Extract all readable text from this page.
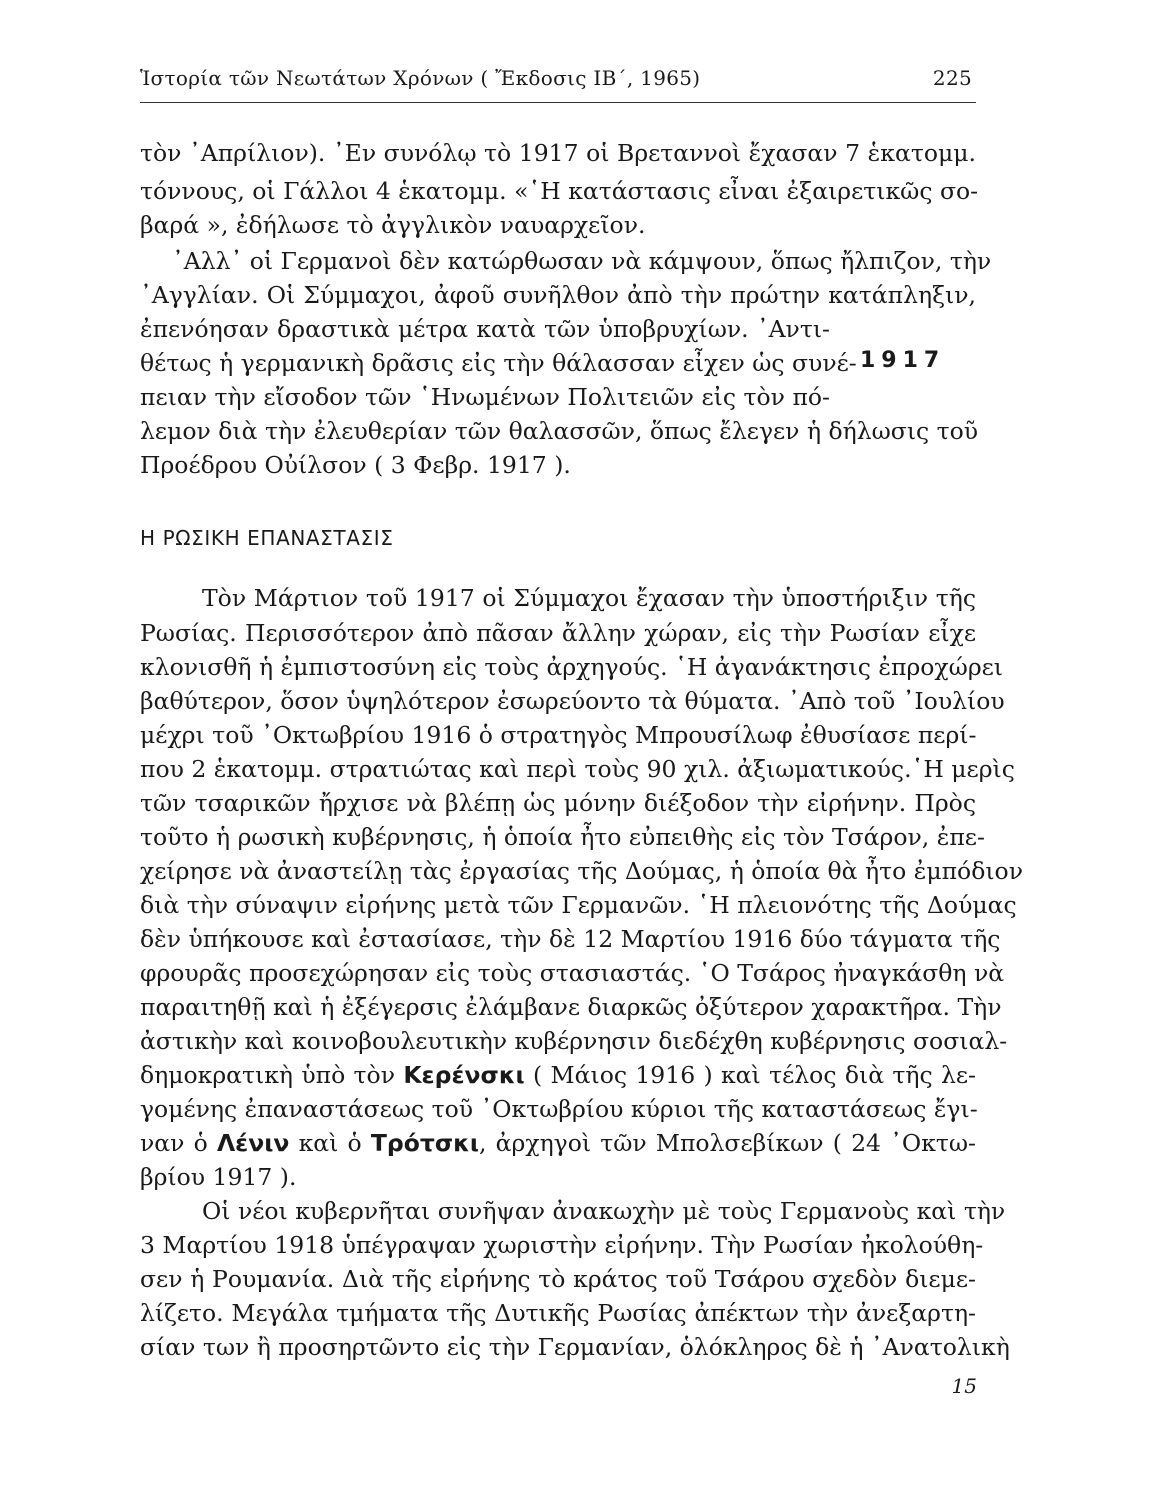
Ἱστορία τῶν Νεωτάτων Χρόνων ( Ἔκδοσις ΙΒ΄, 1965)	225
τὸν ᾿Απρίλιον). ᾿Εν συνόλῳ τὸ 1917 οἱ Βρεταννοὶ ἔχασαν 7 ἑκατομμ.
τόννους, οἱ Γάλλοι 4 ἑκατομμ. «῾Η κατάστασις εἶναι ἐξαιρετικῶς σο-
βαρά », ἐδήλωσε τὸ ἀγγλικὸν ναυαρχεῖον.
᾿Αλλ᾿ οἱ Γερμανοὶ δὲν κατώρθωσαν νὰ κάμψουν, ὅπως ἤλπιζον, τὴν
᾿Αγγλίαν. Οἱ Σύμμαχοι, ἀφοῦ συνῆλθον ἀπὸ τὴν πρώτην κατάπληξιν,
ἐπενόησαν δραστικὰ μέτρα κατὰ τῶν ὑποβρυχίων. ᾿Αντι-
θέτως ἡ γερμανικὴ δρᾶσις εἰς τὴν θάλασσαν εἶχεν ὡς συνέ-
πειαν τὴν εἴσοδον τῶν ῾Ηνωμένων Πολιτειῶν εἰς τὸν πό-
λεμον διὰ τὴν ἐλευθερίαν τῶν θαλασσῶν, ὅπως ἔλεγεν ἡ δήλωσις τοῦ
Προέδρου Οὐίλσον ( 3 Φεβρ. 1917 ).
1917
Η ΡΩΣΙΚΗ ΕΠΑΝΑΣΤΑΣΙΣ
Τὸν Μάρτιον τοῦ 1917 οἱ Σύμμαχοι ἔχασαν τὴν ὑποστήριξιν τῆς
Ρωσίας. Περισσότερον ἀπὸ πᾶσαν ἄλλην χώραν, εἰς τὴν Ρωσίαν εἶχε
κλονισθῆ ἡ ἐμπιστοσύνη εἰς τοὺς ἀρχηγούς. ῾Η ἀγανάκτησις ἐπροχώρει
βαθύτερον, ὅσον ὑψηλότερον ἐσωρεύοντο τὰ θύματα. ᾿Απὸ τοῦ ᾿Ιουλίου
μέχρι τοῦ ᾿Οκτωβρίου 1916 ὁ στρατηγὸς Μπρουσίλωφ ἐθυσίασε περί-
που 2 ἑκατομμ. στρατιώτας καὶ περὶ τοὺς 90 χιλ. ἀξιωματικούς.῾Η μερὶς
τῶν τσαρικῶν ἤρχισε νὰ βλέπῃ ὡς μόνην διέξοδον τὴν εἰρήνην. Πρὸς
τοῦτο ἡ ρωσικὴ κυβέρνησις, ἡ ὁποία ἦτο εὐπειθὴς εἰς τὸν Τσάρον, ἐπε-
χείρησε νὰ ἀναστείλῃ τὰς ἐργασίας τῆς Δούμας, ἡ ὁποία θὰ ἦτο ἐμπόδιον
διὰ τὴν σύναψιν εἰρήνης μετὰ τῶν Γερμανῶν. ῾Η πλειονότης τῆς Δούμας
δὲν ὑπήκουσε καὶ ἐστασίασε, τὴν δὲ 12 Μαρτίου 1916 δύο τάγματα τῆς
φρουρᾶς προσεχώρησαν εἰς τοὺς στασιαστάς. ῾Ο Τσάρος ἠναγκάσθη νὰ
παραιτηθῇ καὶ ἡ ἐξέγερσις ἐλάμβανε διαρκῶς ὀξύτερον χαρακτῆρα. Τὴν
ἀστικὴν καὶ κοινοβουλευτικὴν κυβέρνησιν διεδέχθη κυβέρνησις σοσιαλ-
δημοκρατικὴ ὑπὸ τὸν Κερένσκι ( Μάιος 1916 ) καὶ τέλος διὰ τῆς λε-
γομένης ἐπαναστάσεως τοῦ ᾿Οκτωβρίου κύριοι τῆς καταστάσεως ἔγι-
ναν ὁ Λένιν καὶ ὁ Τρότσκι, ἀρχηγοὶ τῶν Μπολσεβίκων ( 24 ᾿Οκτω-
βρίου 1917 ).
Οἱ νέοι κυβερνῆται συνῆψαν ἀνακωχὴν μὲ τοὺς Γερμανοὺς καὶ τὴν
3 Μαρτίου 1918 ὑπέγραψαν χωριστὴν εἰρήνην. Τὴν Ρωσίαν ἠκολούθη-
σεν ἡ Ρουμανία. Διὰ τῆς εἰρήνης τὸ κράτος τοῦ Τσάρου σχεδὸν διεμε-
λίζετο. Μεγάλα τμήματα τῆς Δυτικῆς Ρωσίας ἀπέκτων τὴν ἀνεξαρτη-
σίαν των ἢ προσηρτῶντο εἰς τὴν Γερμανίαν, ὁλόκληρος δὲ ἡ ᾿Ανατολικὴ
15
